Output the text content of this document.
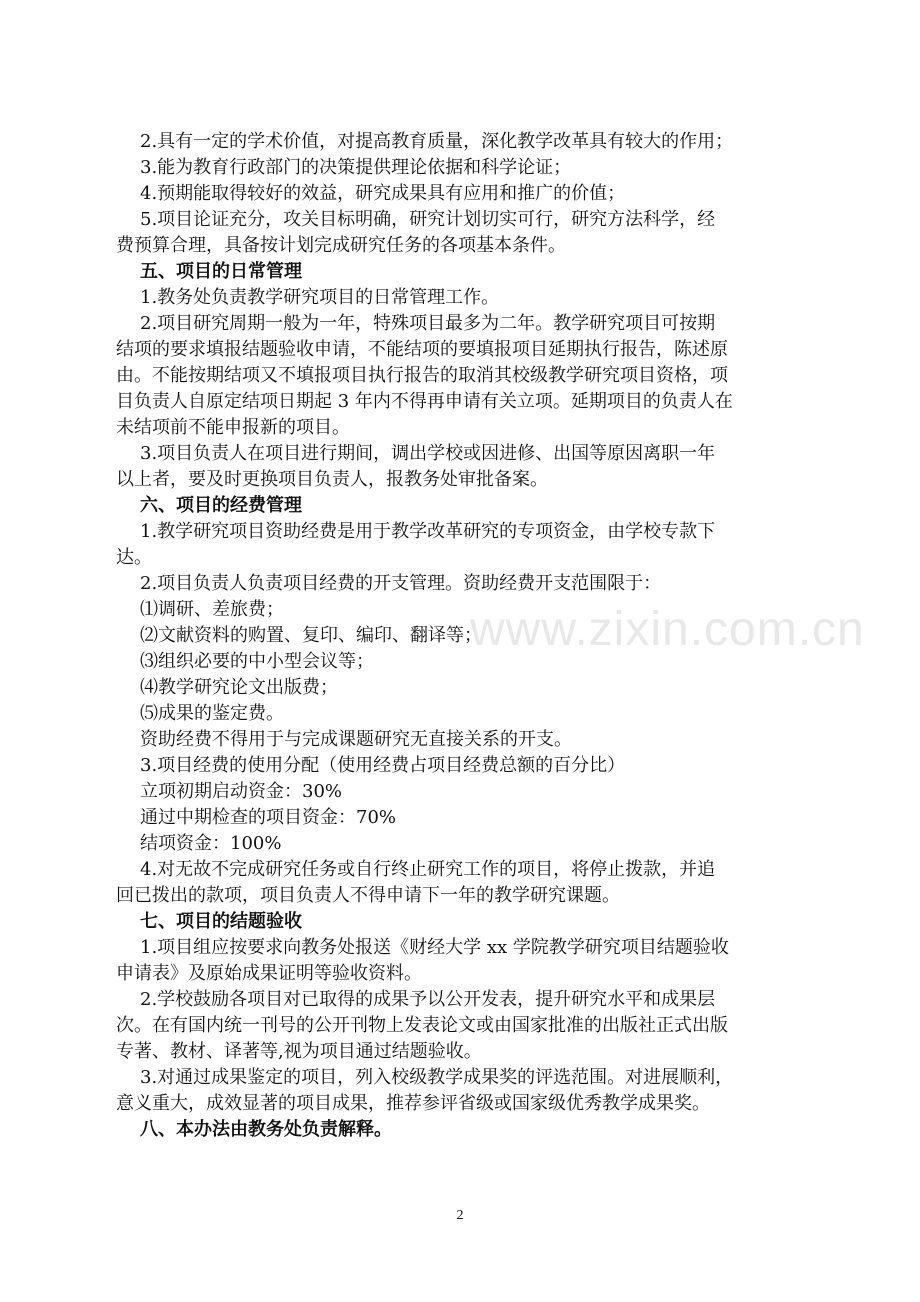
www.zixin.com.cn
2
2.具有一定的学术价值，对提高教育质量，深化教学改革具有较大的作用；
3.能为教育行政部门的决策提供理论依据和科学论证；
4.预期能取得较好的效益，研究成果具有应用和推广的价值；
5.项目论证充分，攻关目标明确，研究计划切实可行，研究方法科学，经
费预算合理，具备按计划完成研究任务的各项基本条件。
五、项目的日常管理
1.教务处负责教学研究项目的日常管理工作。
2.项目研究周期一般为一年，特殊项目最多为二年。教学研究项目可按期
结项的要求填报结题验收申请，不能结项的要填报项目延期执行报告，陈述原
由。不能按期结项又不填报项目执行报告的取消其校级教学研究项目资格，项
目负责人自原定结项日期起 3 年内不得再申请有关立项。延期项目的负责人在
未结项前不能申报新的项目。
3.项目负责人在项目进行期间，调出学校或因进修、出国等原因离职一年
以上者，要及时更换项目负责人，报教务处审批备案。
六、项目的经费管理
1.教学研究项目资助经费是用于教学改革研究的专项资金，由学校专款下
达。
2.项目负责人负责项目经费的开支管理。资助经费开支范围限于：
⑴调研、差旅费；
⑵文献资料的购置、复印、编印、翻译等；
⑶组织必要的中小型会议等；
⑷教学研究论文出版费；
⑸成果的鉴定费。
资助经费不得用于与完成课题研究无直接关系的开支。
3.项目经费的使用分配（使用经费占项目经费总额的百分比）
立项初期启动资金：30%
通过中期检查的项目资金：70%
结项资金：100%
4.对无故不完成研究任务或自行终止研究工作的项目，将停止拨款，并追
回已拨出的款项，项目负责人不得申请下一年的教学研究课题。
七、项目的结题验收
1.项目组应按要求向教务处报送《财经大学 xx 学院教学研究项目结题验收
申请表》及原始成果证明等验收资料。
2.学校鼓励各项目对已取得的成果予以公开发表，提升研究水平和成果层
次。在有国内统一刊号的公开刊物上发表论文或由国家批准的出版社正式出版
专著、教材、译著等,视为项目通过结题验收。
3.对通过成果鉴定的项目，列入校级教学成果奖的评选范围。对进展顺利，
意义重大，成效显著的项目成果，推荐参评省级或国家级优秀教学成果奖。
八、本办法由教务处负责解释。
